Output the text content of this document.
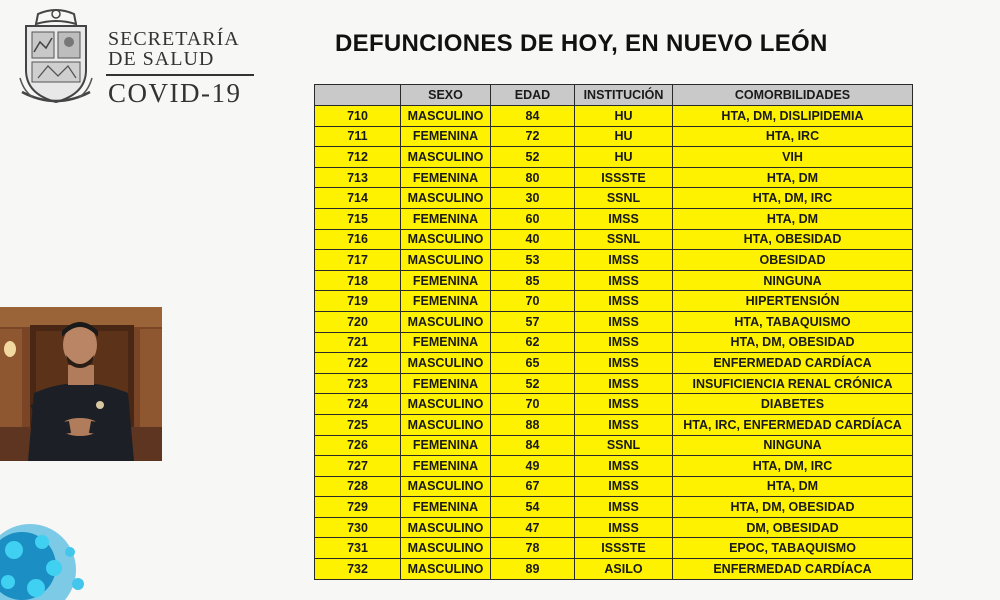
SECRETARÍA
DE SALUD
COVID-19
DEFUNCIONES DE HOY, EN NUEVO LEÓN
	SEXO	EDAD	INSTITUCIÓN	COMORBILIDADES
710	MASCULINO	84	HU	HTA, DM, DISLIPIDEMIA
711	FEMENINA	72	HU	HTA, IRC
712	MASCULINO	52	HU	VIH
713	FEMENINA	80	ISSSTE	HTA, DM
714	MASCULINO	30	SSNL	HTA, DM, IRC
715	FEMENINA	60	IMSS	HTA, DM
716	MASCULINO	40	SSNL	HTA, OBESIDAD
717	MASCULINO	53	IMSS	OBESIDAD
718	FEMENINA	85	IMSS	NINGUNA
719	FEMENINA	70	IMSS	HIPERTENSIÓN
720	MASCULINO	57	IMSS	HTA, TABAQUISMO
721	FEMENINA	62	IMSS	HTA, DM, OBESIDAD
722	MASCULINO	65	IMSS	ENFERMEDAD CARDÍACA
723	FEMENINA	52	IMSS	INSUFICIENCIA RENAL CRÓNICA
724	MASCULINO	70	IMSS	DIABETES
725	MASCULINO	88	IMSS	HTA, IRC, ENFERMEDAD CARDÍACA
726	FEMENINA	84	SSNL	NINGUNA
727	FEMENINA	49	IMSS	HTA, DM, IRC
728	MASCULINO	67	IMSS	HTA, DM
729	FEMENINA	54	IMSS	HTA, DM, OBESIDAD
730	MASCULINO	47	IMSS	DM, OBESIDAD
731	MASCULINO	78	ISSSTE	EPOC, TABAQUISMO
732	MASCULINO	89	ASILO	ENFERMEDAD CARDÍACA
